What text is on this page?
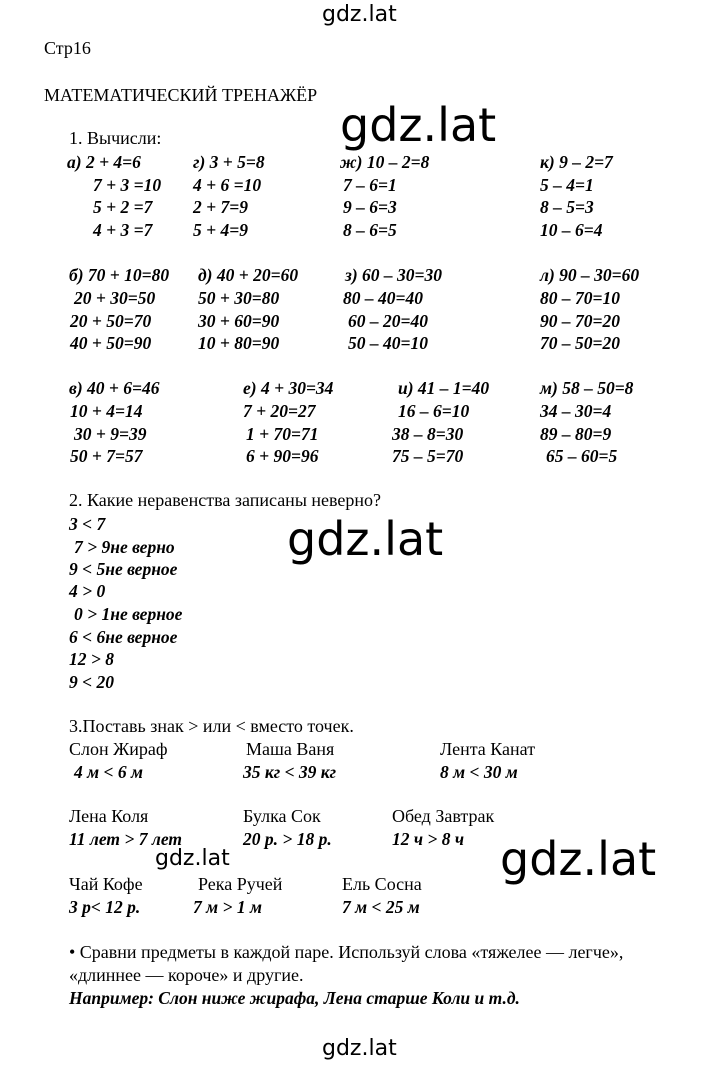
gdz.lat
gdz.lat
gdz.lat
gdz.lat	gdz.lat
gdz.lat
Стр16
МАТЕМАТИЧЕСКИЙ ТРЕНАЖЁР
1. Вычисли:
а) 2 + 4=6	г) 3 + 5=8	ж) 10 – 2=8	к) 9 – 2=7
7 + 3 =10 4 + 6 =10	7 – 6=1	5 – 4=1
5 + 2 =7 2 + 7=9	9 – 6=3	8 – 5=3
4 + 3 =7 5 + 4=9	8 – 6=5	10 – 6=4
б) 70 + 10=80 д) 40 + 20=60	з) 60 – 30=30	л) 90 – 30=60
20 + 30=50 50 + 30=80	80 – 40=40	80 – 70=10
20 + 50=70	30 + 60=90	60 – 20=40	90 – 70=20
40 + 50=90	10 + 80=90	50 – 40=10	70 – 50=20
в) 40 + 6=46	е) 4 + 30=34	и) 41 – 1=40	м) 58 – 50=8
10 + 4=14	7 + 20=27	16 – 6=10	34 – 30=4
30 + 9=39	1 + 70=71	38 – 8=30	89 – 80=9
50 + 7=57	6 + 90=96	75 – 5=70	65 – 60=5
2. Какие неравенства записаны неверно?
3 < 7
7 > 9не верно
9 < 5не верное
4 > 0
0 > 1не верное
6 < 6не верное
12 > 8
9 < 20
3.Поставь знак > или < вместо точек.
Слон Жираф	Маша Ваня	Лента Канат
4 м < 6 м	35 кг < 39 кг	8 м < 30 м
Лена Коля	Булка Сок	Обед Завтрак
11 лет > 7 лет	20 р. > 18 р.	12 ч > 8 ч
Чай Кофе	Река Ручей	Ель Сосна
3 р< 12 р.	7 м > 1 м	7 м < 25 м
• Сравни предметы в каждой паре. Используй слова «тяжелее — легче»,
«длиннее — короче» и другие.
Например: Слон ниже жирафа, Лена старше Коли и т.д.
